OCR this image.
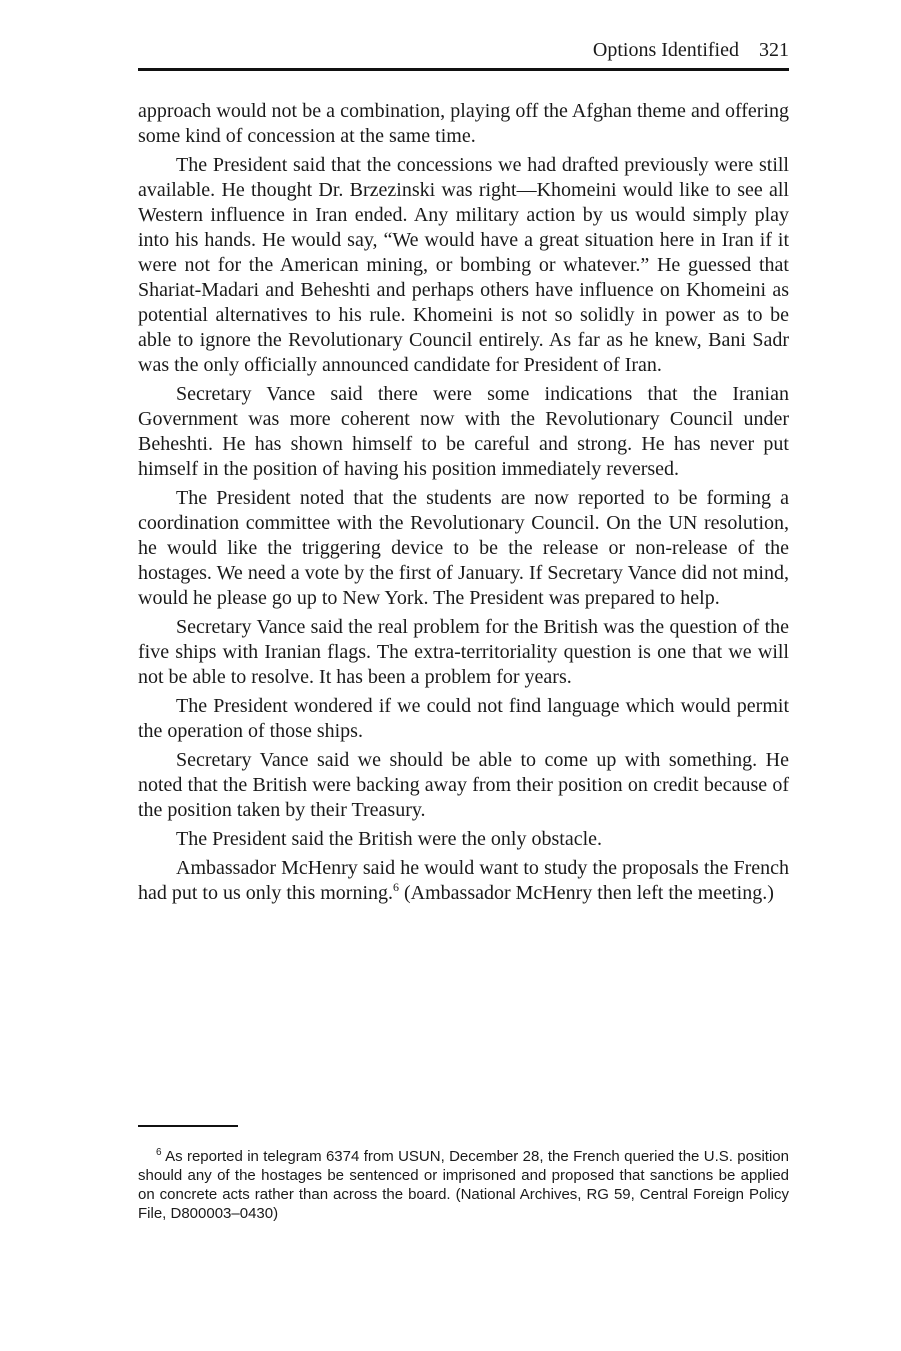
Options Identified 321

approach would not be a combination, playing off the Afghan theme and offering some kind of concession at the same time.

The President said that the concessions we had drafted previously were still available. He thought Dr. Brzezinski was right—Khomeini would like to see all Western influence in Iran ended. Any military action by us would simply play into his hands. He would say, “We would have a great situation here in Iran if it were not for the American mining, or bombing or whatever.” He guessed that Shariat-Madari and Beheshti and perhaps others have influence on Khomeini as potential alternatives to his rule. Khomeini is not so solidly in power as to be able to ignore the Revolutionary Council entirely. As far as he knew, Bani Sadr was the only officially announced candidate for President of Iran.

Secretary Vance said there were some indications that the Iranian Government was more coherent now with the Revolutionary Council under Beheshti. He has shown himself to be careful and strong. He has never put himself in the position of having his position immediately reversed.

The President noted that the students are now reported to be forming a coordination committee with the Revolutionary Council. On the UN resolution, he would like the triggering device to be the release or non-release of the hostages. We need a vote by the first of January. If Secretary Vance did not mind, would he please go up to New York. The President was prepared to help.

Secretary Vance said the real problem for the British was the question of the five ships with Iranian flags. The extra-territoriality question is one that we will not be able to resolve. It has been a problem for years.

The President wondered if we could not find language which would permit the operation of those ships.

Secretary Vance said we should be able to come up with something. He noted that the British were backing away from their position on credit because of the position taken by their Treasury.

The President said the British were the only obstacle.

Ambassador McHenry said he would want to study the proposals the French had put to us only this morning.$^6$ (Ambassador McHenry then left the meeting.)

$^6$ As reported in telegram 6374 from USUN, December 28, the French queried the U.S. position should any of the hostages be sentenced or imprisoned and proposed that sanctions be applied on concrete acts rather than across the board. (National Archives, RG 59, Central Foreign Policy File, D800003–0430)
